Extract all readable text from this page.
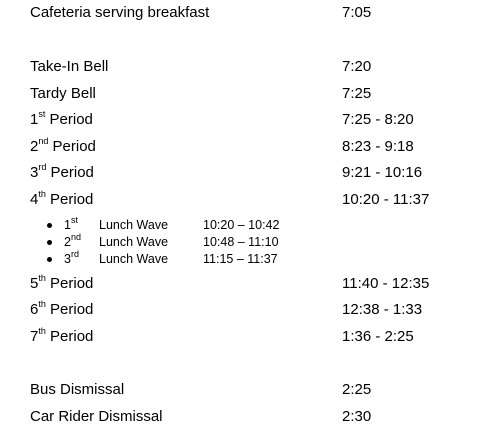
Cafeteria serving breakfast	7:05
Take-In Bell	7:20
Tardy Bell	7:25
1st Period	7:25 - 8:20
2nd Period	8:23 - 9:18
3rd Period	9:21 - 10:16
4th Period	10:20 - 11:37
1st Lunch Wave	10:20 – 10:42
2nd Lunch Wave	10:48 – 11:10
3rd Lunch Wave	11:15 – 11:37
5th Period	11:40 - 12:35
6th Period	12:38 - 1:33
7th Period	1:36 - 2:25
Bus Dismissal	2:25
Car Rider Dismissal	2:30
